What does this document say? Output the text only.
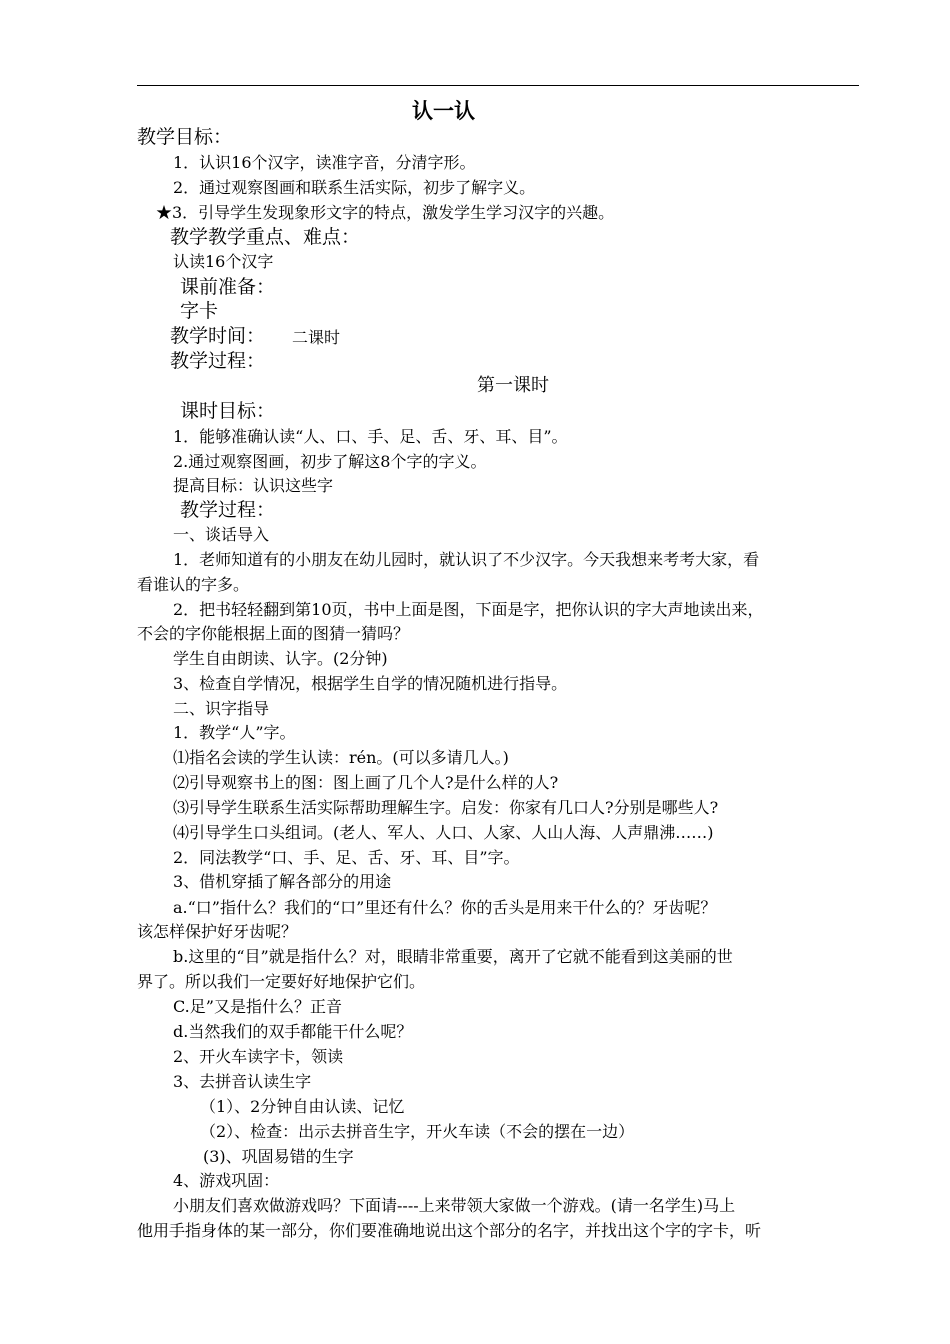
认一认
教学目标：
1．认识16个汉字，读准字音，分清字形。
2．通过观察图画和联系生活实际，初步了解字义。
★3．引导学生发现象形文字的特点，激发学生学习汉字的兴趣。
教学教学重点、难点：
认读16个汉字
课前准备：
字卡
教学时间： 二课时
教学过程：
第一课时
课时目标：
1．能够准确认读“人、口、手、足、舌、牙、耳、目”。
2.通过观察图画，初步了解这8个字的字义。
提高目标：认识这些字
教学过程：
一、谈话导入
1．老师知道有的小朋友在幼儿园时，就认识了不少汉字。今天我想来考考大家，看
看谁认的字多。
2．把书轻轻翻到第10页，书中上面是图，下面是字，把你认识的字大声地读出来，
不会的字你能根据上面的图猜一猜吗？
学生自由朗读、认字。(2分钟)
3、检查自学情况，根据学生自学的情况随机进行指导。
二、识字指导
1．教学“人”字。
⑴指名会读的学生认读：rén。(可以多请几人。)
⑵引导观察书上的图：图上画了几个人?是什么样的人?
⑶引导学生联系生活实际帮助理解生字。启发：你家有几口人?分别是哪些人?
⑷引导学生口头组词。(老人、军人、人口、人家、人山人海、人声鼎沸……)
2．同法教学“口、手、足、舌、牙、耳、目”字。
3、借机穿插了解各部分的用途
a.“口”指什么？我们的“口”里还有什么？你的舌头是用来干什么的？牙齿呢？
该怎样保护好牙齿呢？
b.这里的“目”就是指什么？对，眼睛非常重要，离开了它就不能看到这美丽的世
界了。所以我们一定要好好地保护它们。
C.足”又是指什么？正音
d.当然我们的双手都能干什么呢？
2、开火车读字卡，领读
3、去拼音认读生字
（1）、2分钟自由认读、记忆
（2）、检查：出示去拼音生字，开火车读（不会的摆在一边）
(3)、巩固易错的生字
4、游戏巩固：
小朋友们喜欢做游戏吗？下面请----上来带领大家做一个游戏。(请一名学生)马上
他用手指身体的某一部分，你们要准确地说出这个部分的名字，并找出这个字的字卡，听
